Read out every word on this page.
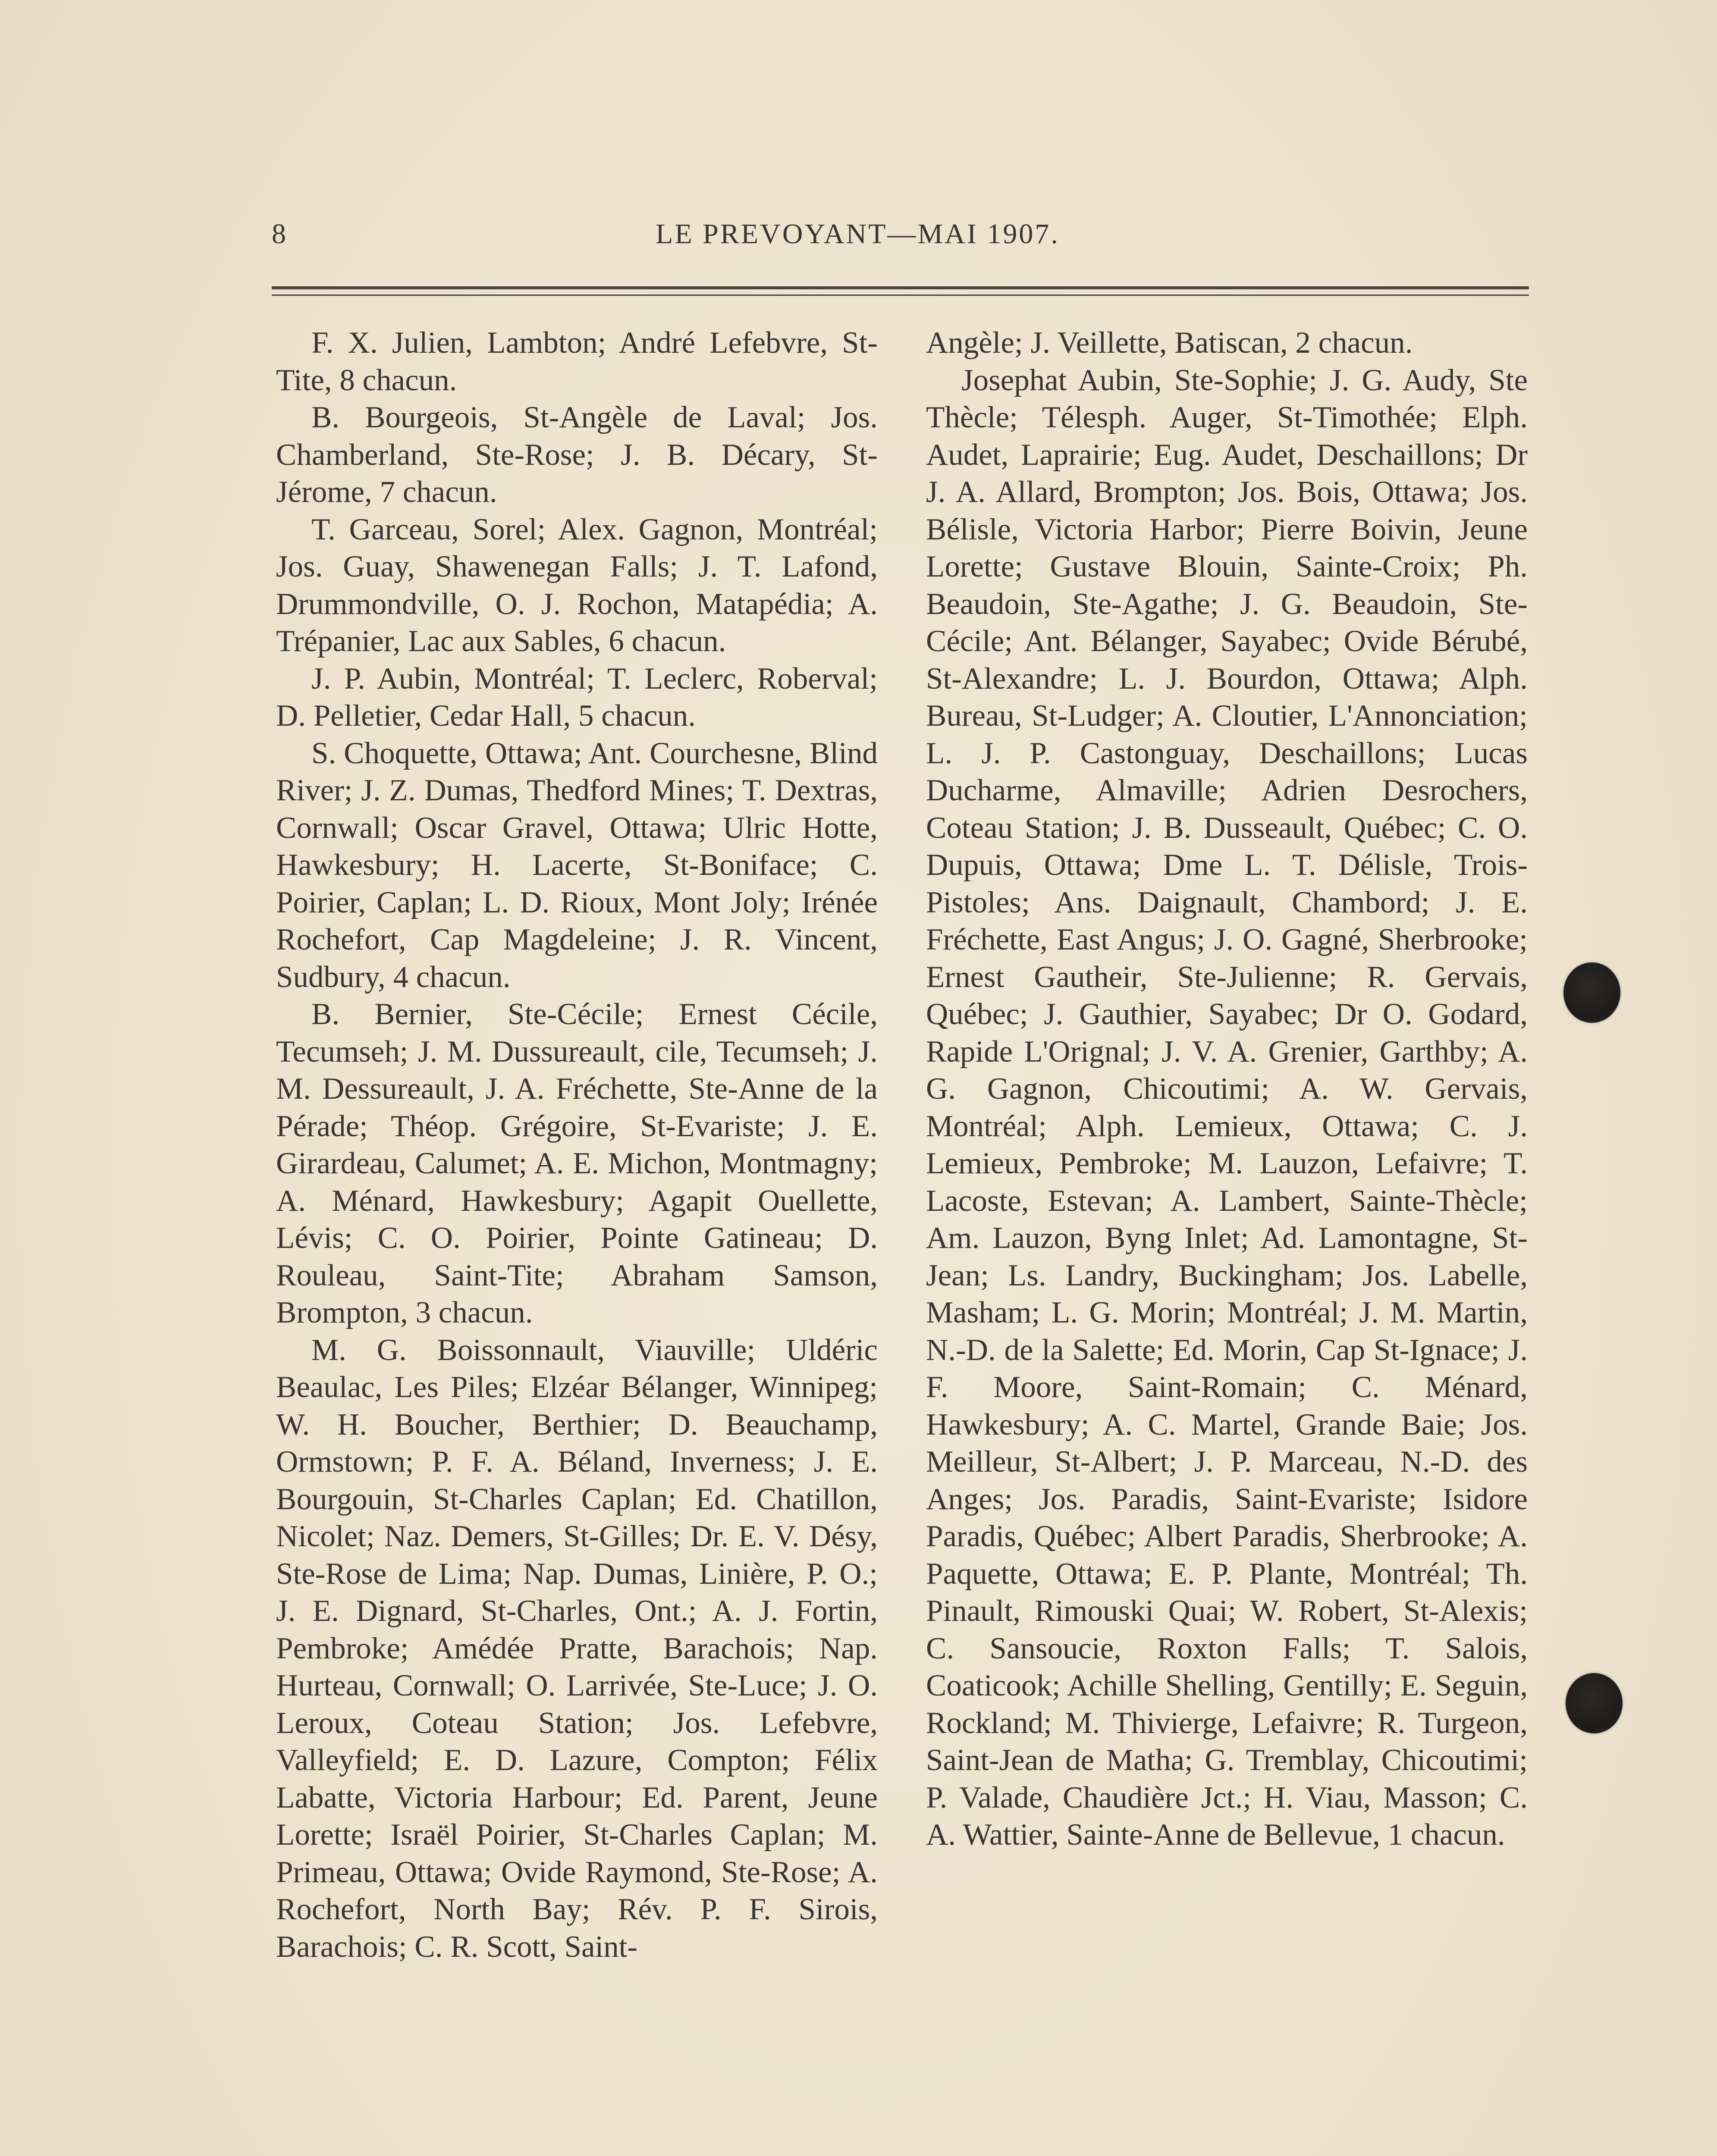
8	LE PREVOYANT—MAI 1907.

F. X. Julien, Lambton; André Lefebvre, St-Tite, 8 chacun.

B. Bourgeois, St-Angèle de Laval; Jos. Chamberland, Ste-Rose; J. B. Décary, St-Jérome, 7 chacun.

T. Garceau, Sorel; Alex. Gagnon, Montréal; Jos. Guay, Shawenegan Falls; J. T. Lafond, Drummondville, O. J. Rochon, Matapédia; A. Trépanier, Lac aux Sables, 6 chacun.

J. P. Aubin, Montréal; T. Leclerc, Roberval; D. Pelletier, Cedar Hall, 5 chacun.

S. Choquette, Ottawa; Ant. Courchesne, Blind River; J. Z. Dumas, Thedford Mines; T. Dextras, Cornwall; Oscar Gravel, Ottawa; Ulric Hotte, Hawkesbury; H. Lacerte, St-Boniface; C. Poirier, Caplan; L. D. Rioux, Mont Joly; Irénée Rochefort, Cap Magdeleine; J. R. Vincent, Sudbury, 4 chacun.

B. Bernier, Ste-Cécile; Ernest Cécile, Tecumseh; J. M. Dussureault, cile, Tecumseh; J. M. Dessureault, J. A. Fréchette, Ste-Anne de la Pérade; Théop. Grégoire, St-Evariste; J. E. Girardeau, Calumet; A. E. Michon, Montmagny; A. Ménard, Hawkesbury; Agapit Ouellette, Lévis; C. O. Poirier, Pointe Gatineau; D. Rouleau, Saint-Tite; Abraham Samson, Brompton, 3 chacun.

M. G. Boissonnault, Viauville; Uldéric Beaulac, Les Piles; Elzéar Bélanger, Winnipeg; W. H. Boucher, Berthier; D. Beauchamp, Ormstown; P. F. A. Béland, Inverness; J. E. Bourgouin, St-Charles Caplan; Ed. Chatillon, Nicolet; Naz. Demers, St-Gilles; Dr. E. V. Désy, Ste-Rose de Lima; Nap. Dumas, Linière, P. O.; J. E. Dignard, St-Charles, Ont.; A. J. Fortin, Pembroke; Amédée Pratte, Barachois; Nap. Hurteau, Cornwall; O. Larrivée, Ste-Luce; J. O. Leroux, Coteau Station; Jos. Lefebvre, Valleyfield; E. D. Lazure, Compton; Félix Labatte, Victoria Harbour; Ed. Parent, Jeune Lorette; Israël Poirier, St-Charles Caplan; M. Primeau, Ottawa; Ovide Raymond, Ste-Rose; A. Rochefort, North Bay; Rév. P. F. Sirois, Barachois; C. R. Scott, Saint-

Angèle; J. Veillette, Batiscan, 2 chacun.

Josephat Aubin, Ste-Sophie; J. G. Audy, Ste Thècle; Télesph. Auger, St-Timothée; Elph. Audet, Laprairie; Eug. Audet, Deschaillons; Dr J. A. Allard, Brompton; Jos. Bois, Ottawa; Jos. Bélisle, Victoria Harbor; Pierre Boivin, Jeune Lorette; Gustave Blouin, Sainte-Croix; Ph. Beaudoin, Ste-Agathe; J. G. Beaudoin, Ste-Cécile; Ant. Bélanger, Sayabec; Ovide Bérubé, St-Alexandre; L. J. Bourdon, Ottawa; Alph. Bureau, St-Ludger; A. Cloutier, L'Annonciation; L. J. P. Castonguay, Deschaillons; Lucas Ducharme, Almaville; Adrien Desrochers, Coteau Station; J. B. Dusseault, Québec; C. O. Dupuis, Ottawa; Dme L. T. Délisle, Trois-Pistoles; Ans. Daignault, Chambord; J. E. Fréchette, East Angus; J. O. Gagné, Sherbrooke; Ernest Gautheir, Ste-Julienne; R. Gervais, Québec; J. Gauthier, Sayabec; Dr O. Godard, Rapide L'Orignal; J. V. A. Grenier, Garthby; A. G. Gagnon, Chicoutimi; A. W. Gervais, Montréal; Alph. Lemieux, Ottawa; C. J. Lemieux, Pembroke; M. Lauzon, Lefaivre; T. Lacoste, Estevan; A. Lambert, Sainte-Thècle; Am. Lauzon, Byng Inlet; Ad. Lamontagne, St-Jean; Ls. Landry, Buckingham; Jos. Labelle, Masham; L. G. Morin; Montréal; J. M. Martin, N.-D. de la Salette; Ed. Morin, Cap St-Ignace; J. F. Moore, Saint-Romain; C. Ménard, Hawkesbury; A. C. Martel, Grande Baie; Jos. Meilleur, St-Albert; J. P. Marceau, N.-D. des Anges; Jos. Paradis, Saint-Evariste; Isidore Paradis, Québec; Albert Paradis, Sherbrooke; A. Paquette, Ottawa; E. P. Plante, Montréal; Th. Pinault, Rimouski Quai; W. Robert, St-Alexis; C. Sansoucie, Roxton Falls; T. Salois, Coaticook; Achille Shelling, Gentilly; E. Seguin, Rockland; M. Thivierge, Lefaivre; R. Turgeon, Saint-Jean de Matha; G. Tremblay, Chicoutimi; P. Valade, Chaudière Jct.; H. Viau, Masson; C. A. Wattier, Sainte-Anne de Bellevue, 1 chacun.
